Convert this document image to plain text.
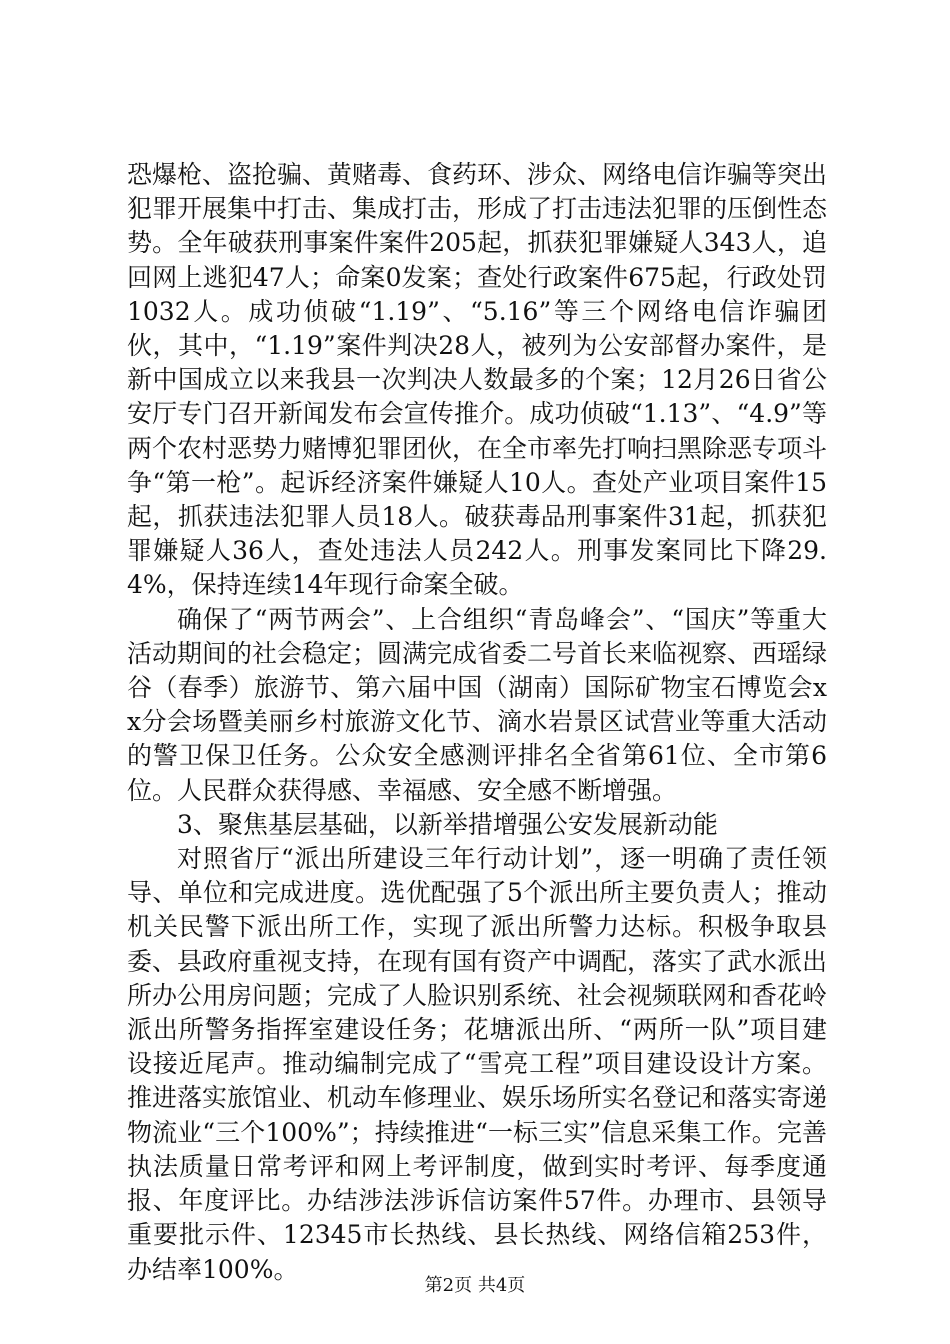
恐爆枪、盗抢骗、黄赌毒、食药环、涉众、网络电信诈骗等突出犯罪开展集中打击、集成打击，形成了打击违法犯罪的压倒性态势。全年破获刑事案件案件205起，抓获犯罪嫌疑人343人，追回网上逃犯47人；命案0发案；查处行政案件675起，行政处罚1032人。成功侦破“1.19”、“5.16”等三个网络电信诈骗团伙，其中，“1.19”案件判决28人，被列为公安部督办案件，是新中国成立以来我县一次判决人数最多的个案；12月26日省公安厅专门召开新闻发布会宣传推介。成功侦破“1.13”、“4.9”等两个农村恶势力赌博犯罪团伙，在全市率先打响扫黑除恶专项斗争“第一枪”。起诉经济案件嫌疑人10人。查处产业项目案件15起，抓获违法犯罪人员18人。破获毒品刑事案件31起，抓获犯罪嫌疑人36人，查处违法人员242人。刑事发案同比下降29.4%，保持连续14年现行命案全破。

确保了“两节两会”、上合组织“青岛峰会”、“国庆”等重大活动期间的社会稳定；圆满完成省委二号首长来临视察、西瑶绿谷（春季）旅游节、第六届中国（湖南）国际矿物宝石博览会xx分会场暨美丽乡村旅游文化节、滴水岩景区试营业等重大活动的警卫保卫任务。公众安全感测评排名全省第61位、全市第6位。人民群众获得感、幸福感、安全感不断增强。

3、聚焦基层基础，以新举措增强公安发展新动能

对照省厅“派出所建设三年行动计划”，逐一明确了责任领导、单位和完成进度。选优配强了5个派出所主要负责人；推动机关民警下派出所工作，实现了派出所警力达标。积极争取县委、县政府重视支持，在现有国有资产中调配，落实了武水派出所办公用房问题；完成了人脸识别系统、社会视频联网和香花岭派出所警务指挥室建设任务；花塘派出所、“两所一队”项目建设接近尾声。推动编制完成了“雪亮工程”项目建设设计方案。推进落实旅馆业、机动车修理业、娱乐场所实名登记和落实寄递物流业“三个100%”；持续推进“一标三实”信息采集工作。完善执法质量日常考评和网上考评制度，做到实时考评、每季度通报、年度评比。办结涉法涉诉信访案件57件。办理市、县领导重要批示件、12345市长热线、县长热线、网络信箱253件，办结率100%。

第2页 共4页
